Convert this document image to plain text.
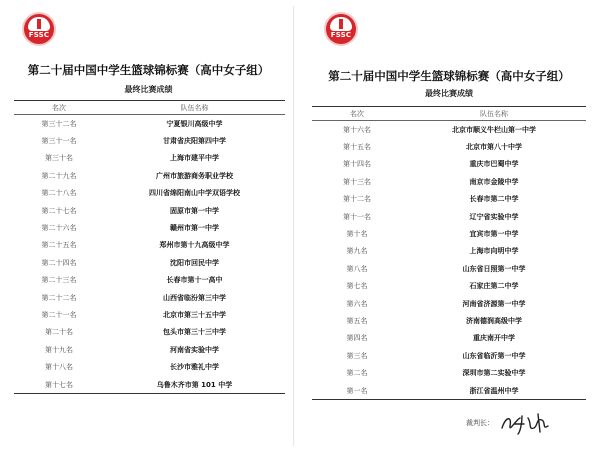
FSSC
第二十届中国中学生篮球锦标赛（高中女子组）
最终比赛成绩
名次	队伍名称
第三十二名	宁夏银川高级中学
第三十一名	甘肃省庆阳第四中学
第三十名	上海市建平中学
第二十九名	广州市旅游商务职业学校
第二十八名	四川省绵阳南山中学双语学校
第二十七名	固原市第一中学
第二十六名	赣州市第一中学
第二十五名	郑州市第十九高级中学
第二十四名	沈阳市回民中学
第二十三名	长春市第十一高中
第二十二名	山西省临汾第三中学
第二十一名	北京市第三十五中学
第二十名	包头市第三十三中学
第十九名	河南省实验中学
第十八名	长沙市雅礼中学
第十七名	乌鲁木齐市第 101 中学
FSSC
第二十届中国中学生篮球锦标赛（高中女子组）
最终比赛成绩
名次	队伍名称
第十六名	北京市顺义牛栏山第一中学
第十五名	北京市第八十中学
第十四名	重庆市巴蜀中学
第十三名	南京市金陵中学
第十二名	长春市第二中学
第十一名	辽宁省实验中学
第十名	宜宾市第一中学
第九名	上海市向明中学
第八名	山东省日照第一中学
第七名	石家庄第二中学
第六名	河南省济源第一中学
第五名	济南德润高级中学
第四名	重庆南开中学
第三名	山东省临沂第一中学
第二名	深圳市第二实验中学
第一名	浙江省温州中学
裁判长：
